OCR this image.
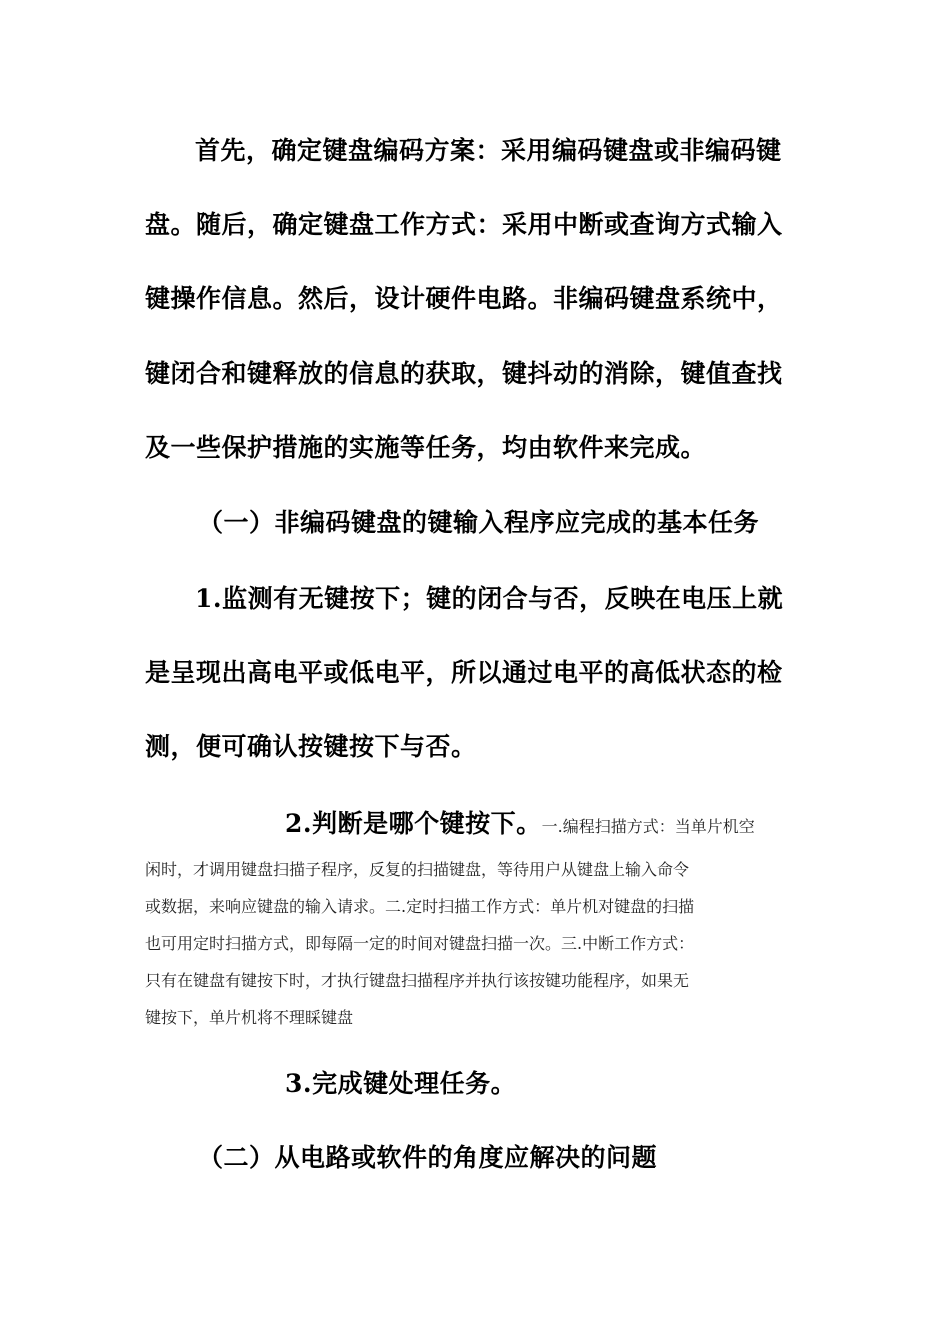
首先，确定键盘编码方案：采用编码键盘或非编码键
盘。随后，确定键盘工作方式：采用中断或查询方式输入
键操作信息。然后，设计硬件电路。非编码键盘系统中，
键闭合和键释放的信息的获取，键抖动的消除，键值查找
及一些保护措施的实施等任务，均由软件来完成。
（一）非编码键盘的键输入程序应完成的基本任务
1.监测有无键按下；键的闭合与否，反映在电压上就
是呈现出高电平或低电平，所以通过电平的高低状态的检
测，便可确认按键按下与否。
2.判断是哪个键按下。一.编程扫描方式：当单片机空
闲时，才调用键盘扫描子程序，反复的扫描键盘，等待用户从键盘上输入命令
或数据，来响应键盘的输入请求。二.定时扫描工作方式：单片机对键盘的扫描
也可用定时扫描方式，即每隔一定的时间对键盘扫描一次。三.中断工作方式：
只有在键盘有键按下时，才执行键盘扫描程序并执行该按键功能程序，如果无
键按下，单片机将不理睬键盘
3.完成键处理任务。
（二）从电路或软件的角度应解决的问题
